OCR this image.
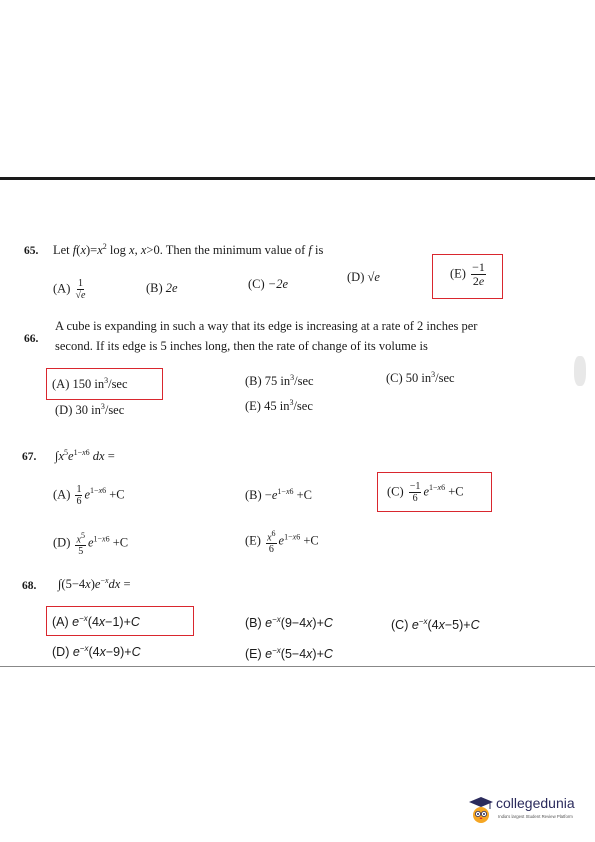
65. Let $f(x)=x^2$ log x, x>0. Then the minimum value of f is
$(A) \frac{1}{√e}$	(B) 2e	(C) −2e	(D) √e	$(E) \frac{-1}{2e}$
66.
A cube is expanding in such a way that its edge is increasing at a rate of 2 inches per
second. If its edge is 5 inches long, then the rate of change of its volume is
(A) 150 $in^3/\sec$	(B) 75 $in^3/\sec$	(C) 50 $in^3/\sec$
(D) 30 $in^3/\sec$	(E) 45 $in^3/\sec$
67. $\int x^5e^{1-x6}$ dx =
$(A) \frac{1}{6} e^{1-x6} +C$	$(B) -e^{1-x6} +C$	$(C) \frac{-1}{6} e^{1-x6} +C$
$(D) \frac{x^5}{5} e^{1-x6} +C$	$(E) \frac{x^6}{6} e^{1-x6} +C$
68. $\int(5-4x)e^{-x}dx$ =
(A) $e^{-x}(4x-1)+C$	(B) $e^{-x}(9-4x)+C$	(C) $e^{-x}(4x-5)+C$
(D) $e^{-x}(4x-9)+C$	(E) $e^{-x}(5-4x)+C$
collegedunia
India's largest Student Review Platform
